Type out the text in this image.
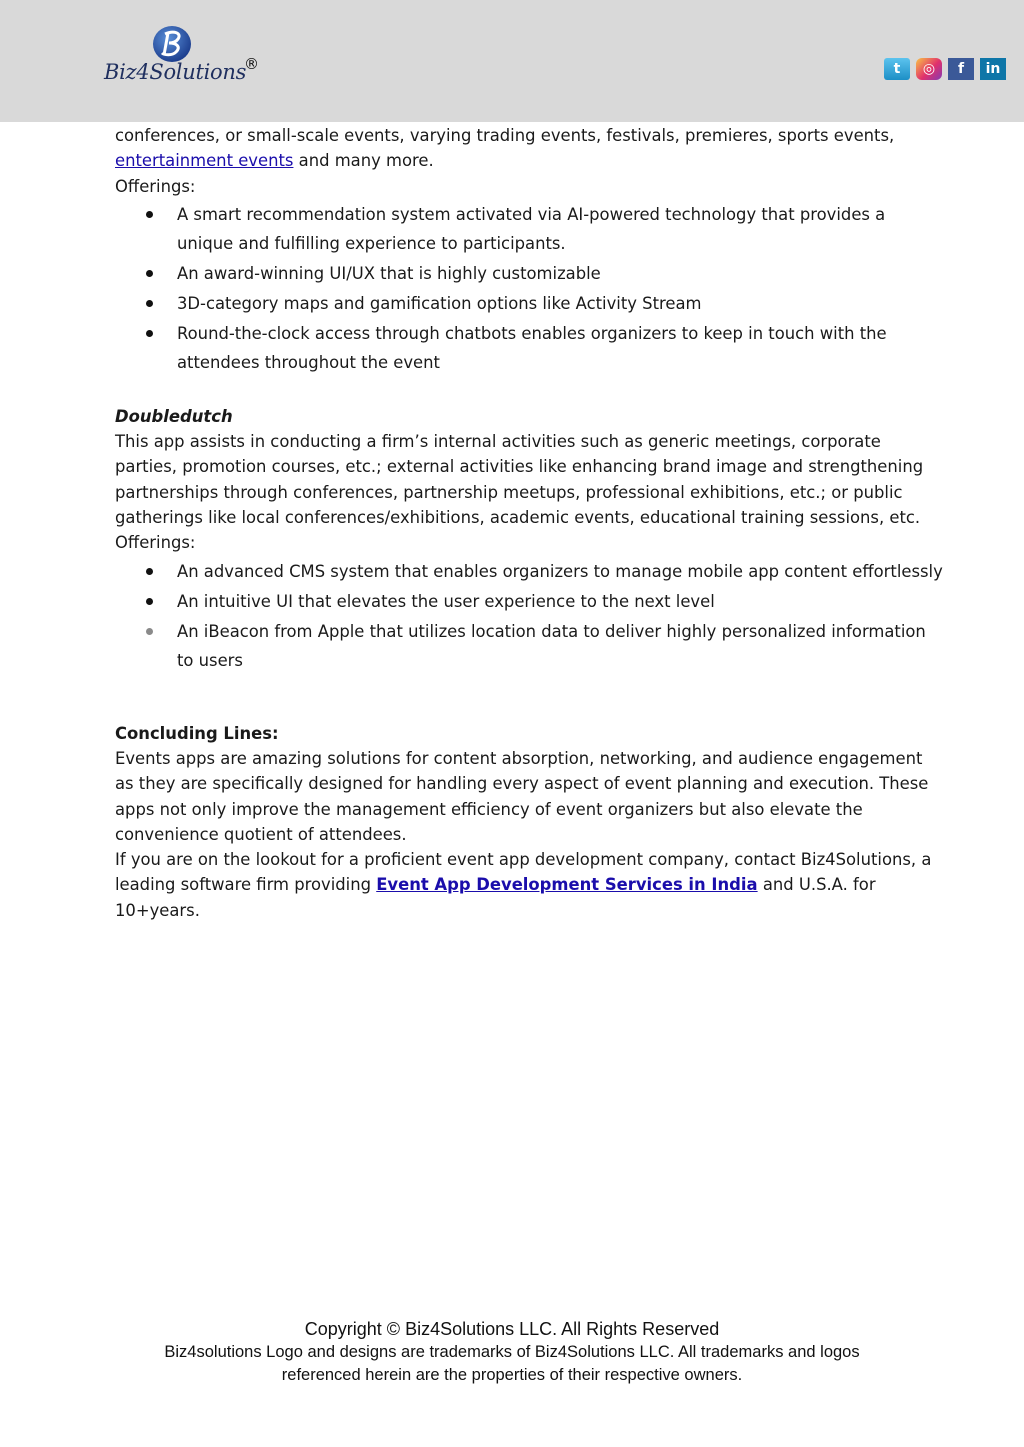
Biz4Solutions
®	t	◎	f	in

conferences, or small-scale events, varying trading events, festivals, premieres, sports events, entertainment events and many more.

Offerings:

A smart recommendation system activated via AI-powered technology that provides a unique and fulfilling experience to participants.
An award-winning UI/UX that is highly customizable
3D-category maps and gamification options like Activity Stream
Round-the-clock access through chatbots enables organizers to keep in touch with the attendees throughout the event

Doubledutch

This app assists in conducting a firm’s internal activities such as generic meetings, corporate parties, promotion courses, etc.; external activities like enhancing brand image and strengthening partnerships through conferences, partnership meetups, professional exhibitions, etc.; or public gatherings like local conferences/exhibitions, academic events, educational training sessions, etc.

Offerings:

An advanced CMS system that enables organizers to manage mobile app content effortlessly
An intuitive UI that elevates the user experience to the next level
An iBeacon from Apple that utilizes location data to deliver highly personalized information to users

Concluding Lines:

Events apps are amazing solutions for content absorption, networking, and audience engagement as they are specifically designed for handling every aspect of event planning and execution. These apps not only improve the management efficiency of event organizers but also elevate the convenience quotient of attendees.

If you are on the lookout for a proficient event app development company, contact Biz4Solutions, a leading software firm providing Event App Development Services in India and U.S.A. for 10+years.

Copyright © Biz4Solutions LLC. All Rights Reserved
Biz4solutions Logo and designs are trademarks of Biz4Solutions LLC. All trademarks and logos
referenced herein are the properties of their respective owners.
